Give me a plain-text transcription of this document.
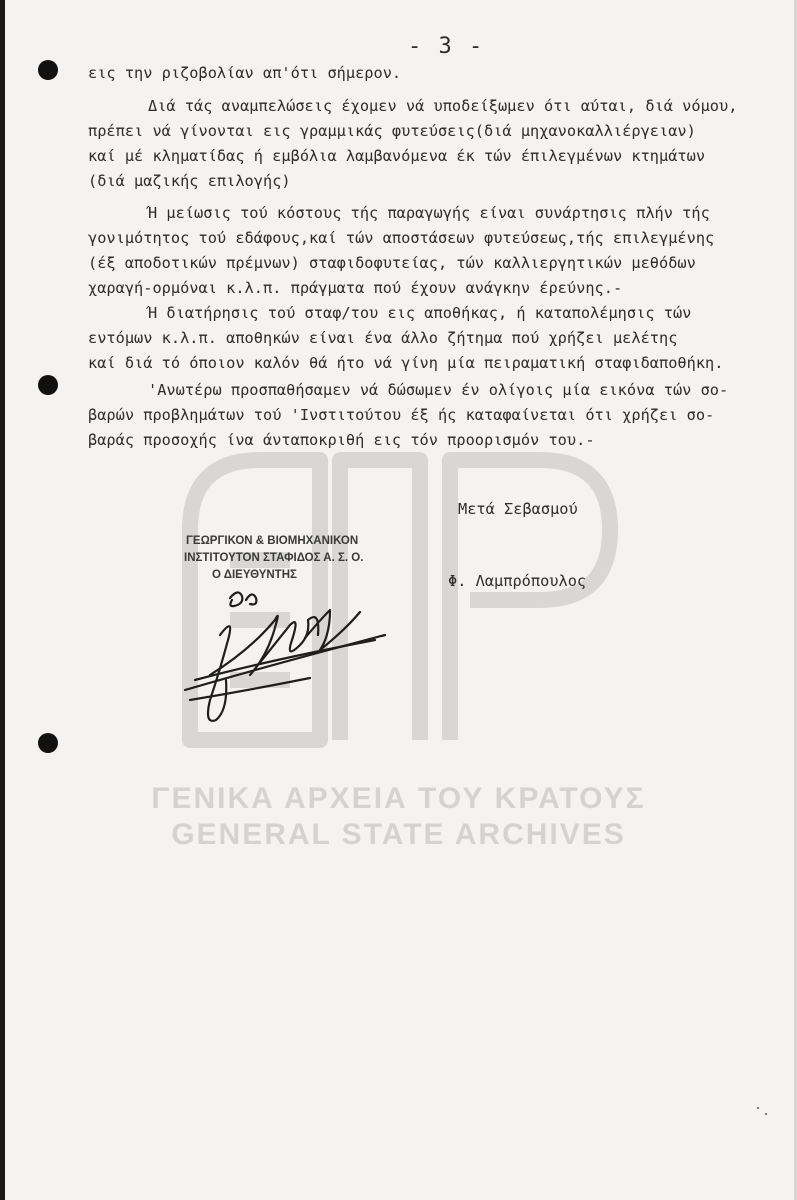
ΓΕΝΙΚΑ ΑΡΧΕΙΑ ΤΟΥ ΚΡΑΤΟΥΣ
GENERAL STATE ARCHIVES
- 3 -
εις την ριζοβολίαν απ'ότι σήμερον.
Διά τάς αναμπελώσεις έχομεν νά υποδείξωμεν ότι αύται, διά νόμου,
πρέπει νά γίνονται εις γραμμικάς φυτεύσεις(διά μηχανοκαλλιέργειαν)
καί μέ κληματίδας ή εμβόλια λαμβανόμενα έκ τών έπιλεγμένων κτημάτων
(διά μαζικής επιλογής)
Ή μείωσις τού κόστους τής παραγωγής είναι συνάρτησις πλήν τής
γονιμότητος τού εδάφους,καί τών αποστάσεων φυτεύσεως,τής επιλεγμένης
(έξ αποδοτικών πρέμνων) σταφιδοφυτείας, τών καλλιεργητικών μεθόδων
χαραγή-ορμόναι κ.λ.π. πράγματα πού έχουν ανάγκην έρεύνης.-
Ή διατήρησις τού σταφ/του εις αποθήκας, ή καταπολέμησις τών
εντόμων κ.λ.π. αποθηκών είναι ένα άλλο ζήτημα πού χρήζει μελέτης
καί διά τό όποιον καλόν θά ήτο νά γίνη μία πειραματική σταφιδαποθήκη.
'Ανωτέρω προσπαθήσαμεν νά δώσωμεν έν ολίγοις μία εικόνα τών σο-
βαρών προβλημάτων τού 'Ινστιτούτου έξ ής καταφαίνεται ότι χρήζει σο-
βαράς προσοχής ίνα άνταποκριθή εις τόν προορισμόν του.-
Μετά Σεβασμού
Φ. Λαμπρόπουλος
ΓΕΩΡΓΙΚΟΝ & ΒΙΟΜΗΧΑΝΙΚΟΝ
ΙΝΣΤΙΤΟΥΤΟΝ ΣΤΑΦΙΔΟΣ Α. Σ. Ο.
Ο ΔΙΕΥΘΥΝΤΗΣ
